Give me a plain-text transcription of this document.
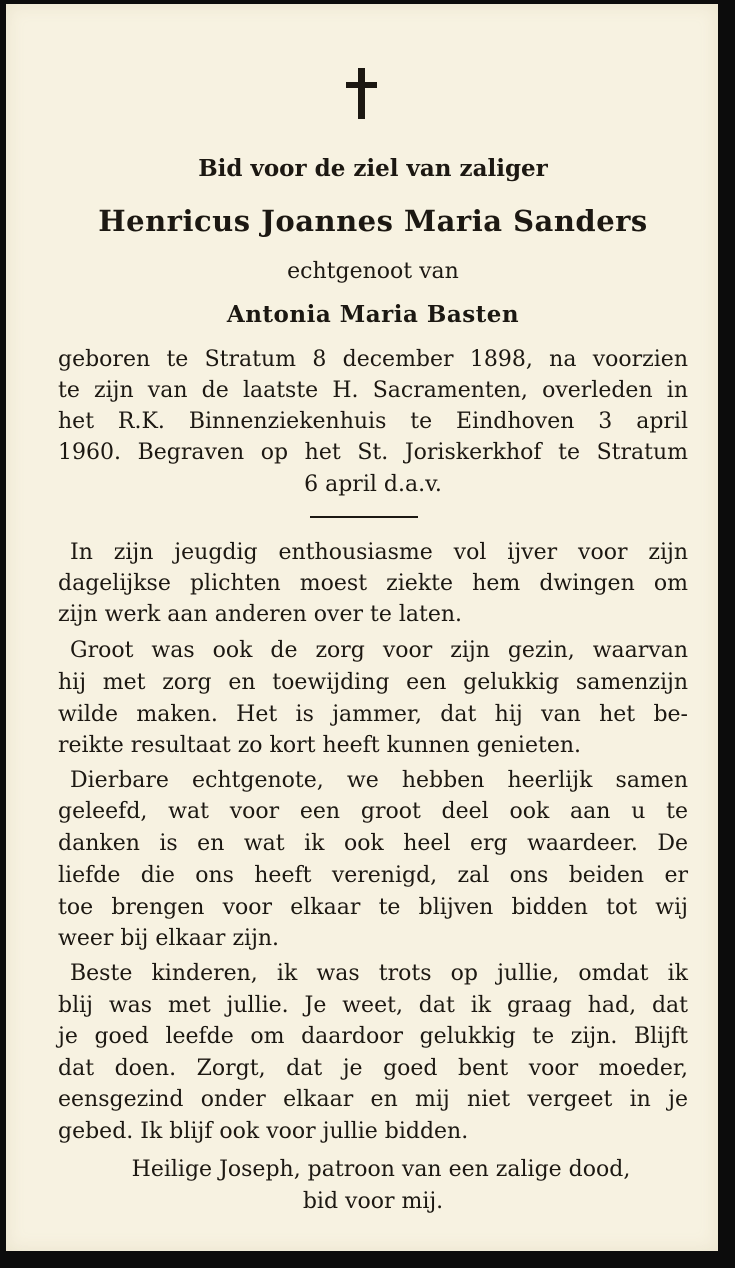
Bid voor de ziel van zaliger
Henricus Joannes Maria Sanders
echtgenoot van
Antonia Maria Basten
geboren te Stratum 8 december 1898, na voorzien
te zijn van de laatste H. Sacramenten, overleden in
het R.K. Binnenziekenhuis te Eindhoven 3 april
1960. Begraven op het St. Joriskerkhof te Stratum
6 april d.a.v.
In zijn jeugdig enthousiasme vol ijver voor zijn
dagelijkse plichten moest ziekte hem dwingen om
zijn werk aan anderen over te laten.
Groot was ook de zorg voor zijn gezin, waarvan
hij met zorg en toewijding een gelukkig samenzijn
wilde maken. Het is jammer, dat hij van het be-
reikte resultaat zo kort heeft kunnen genieten.
Dierbare echtgenote, we hebben heerlijk samen
geleefd, wat voor een groot deel ook aan u te
danken is en wat ik ook heel erg waardeer. De
liefde die ons heeft verenigd, zal ons beiden er
toe brengen voor elkaar te blijven bidden tot wij
weer bij elkaar zijn.
Beste kinderen, ik was trots op jullie, omdat ik
blij was met jullie. Je weet, dat ik graag had, dat
je goed leefde om daardoor gelukkig te zijn. Blijft
dat doen. Zorgt, dat je goed bent voor moeder,
eensgezind onder elkaar en mij niet vergeet in je
gebed. Ik blijf ook voor jullie bidden.
Heilige Joseph, patroon van een zalige dood,
bid voor mij.
